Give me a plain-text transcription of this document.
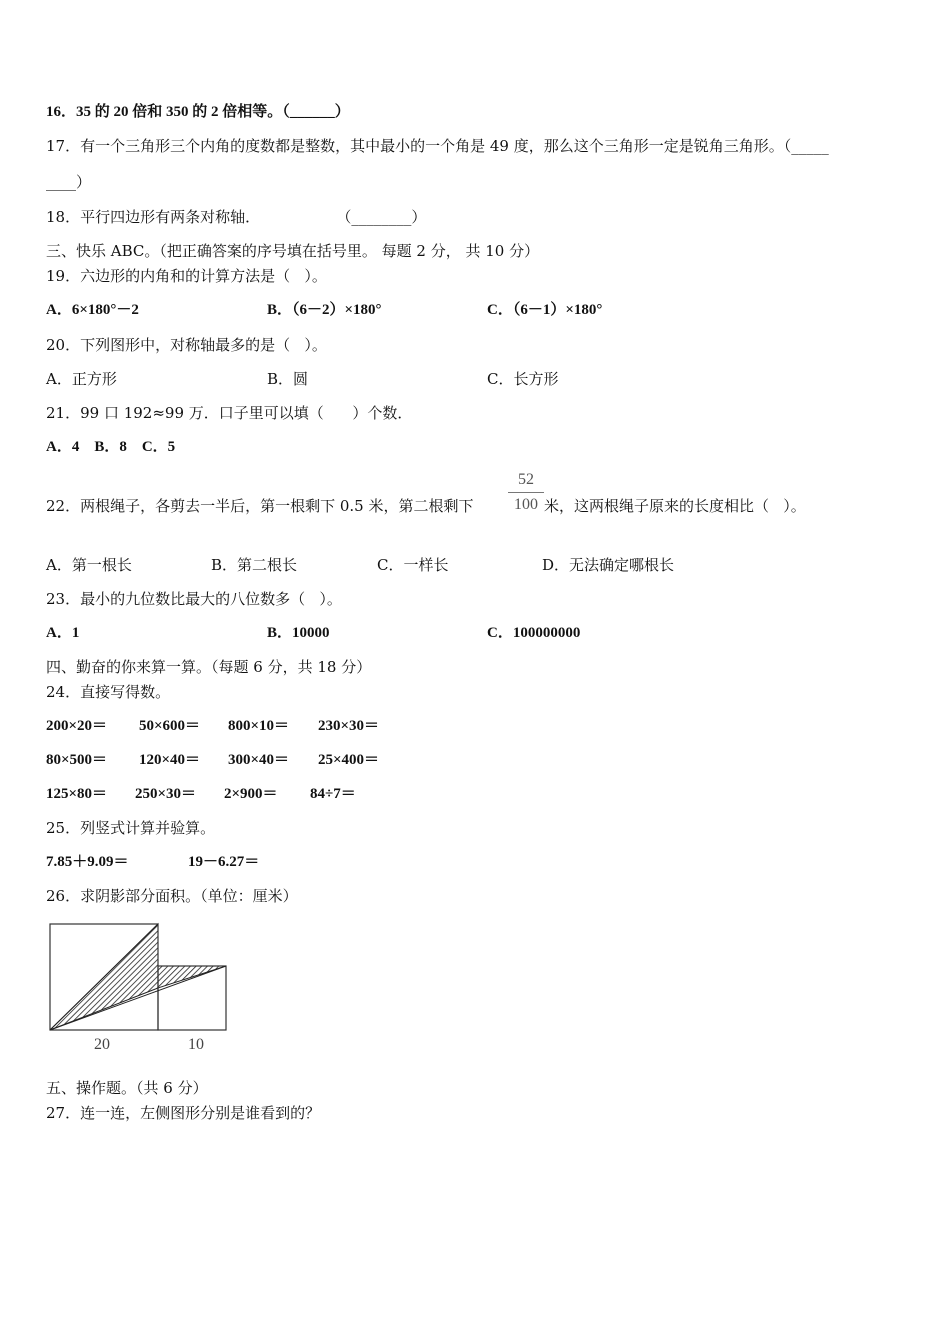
16．35 的 20 倍和 350 的 2 倍相等。（______）
17．有一个三角形三个内角的度数都是整数，其中最小的一个角是 49 度，那么这个三角形一定是锐角三角形。（_____
____）
18．平行四边形有两条对称轴．                （________）
三、快乐 ABC。（把正确答案的序号填在括号里。 每题 2 分， 共 10 分）
19．六边形的内角和的计算方法是（   ）。
A．6×180°－2	B．（6－2）×180°	C．（6－1）×180°
20．下列图形中，对称轴最多的是（   ）。
A．正方形	B．圆	C．长方形
21．99 口 192≈99 万．口子里可以填（      ）个数．
A．4    B．8    C．5
22．两根绳子，各剪去一半后，第一根剩下 0.5 米，第二根剩下
52
100 米，这两根绳子原来的长度相比（   ）。
A．第一根长	B．第二根长	C．一样长	D．无法确定哪根长
23．最小的九位数比最大的八位数多（   ）。
A．1	B．10000	C．100000000
四、勤奋的你来算一算。（每题 6 分，共 18 分）
24．直接写得数。
200×20＝ 50×600＝ 800×10＝ 230×30＝
80×500＝ 120×40＝ 300×40＝ 25×400＝
125×80＝ 250×30＝ 2×900＝ 84÷7＝
25．列竖式计算并验算。
7.85＋9.09＝	19－6.27＝
26．求阴影部分面积。（单位：厘米）
20	10
五、操作题。（共 6 分）
27．连一连，左侧图形分别是谁看到的？
